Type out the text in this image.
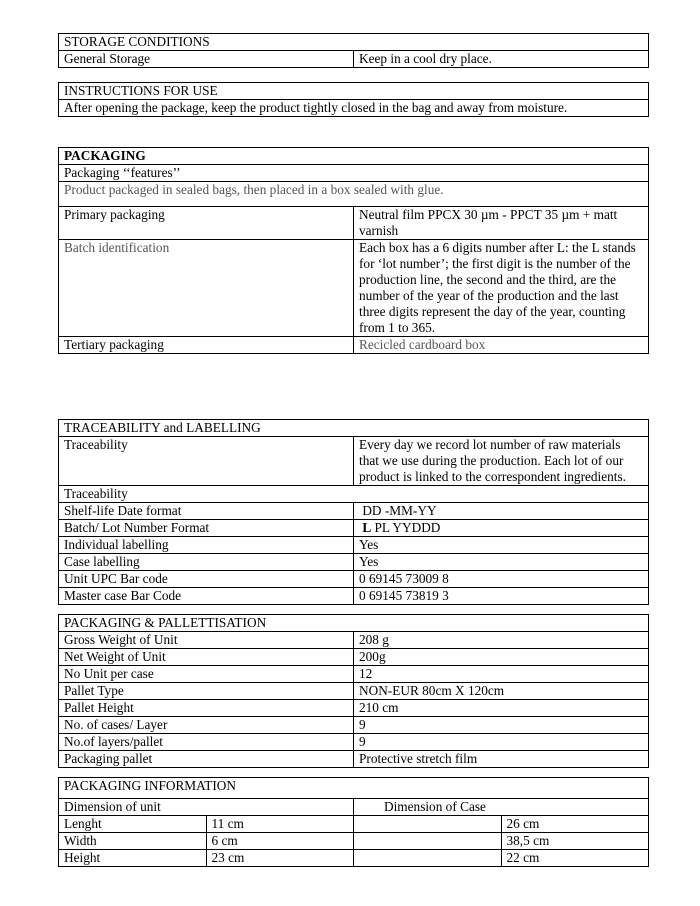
STORAGE CONDITIONS
General Storage	Keep in a cool dry place.
INSTRUCTIONS FOR USE
After opening the package, keep the product tightly closed in the bag and away from moisture.
PACKAGING	
Packaging ‘‘features’’	
Product packaged in sealed bags, then placed in a box sealed with glue.	
Primary packaging	Neutral film PPCX 30 µm - PPCT 35 µm + matt varnish
Batch identification	Each box has a 6 digits number after L: the L stands for ‘lot number’; the first digit is the number of the production line, the second and the third, are the number of the year of the production and the last three digits represent the day of the year, counting from 1 to 365.
Tertiary packaging	Recicled cardboard box
TRACEABILITY and LABELLING	
Traceability	Every day we record lot number of raw materials that we use during the production. Each lot of our product is linked to the correspondent ingredients.
Traceability	
Shelf-life Date format	DD -MM-YY
Batch/ Lot Number Format	L PL YYDDD
Individual labelling	Yes
Case labelling	Yes
Unit UPC Bar code	0 69145 73009 8
Master case Bar Code	0 69145 73819 3
PACKAGING & PALLETTISATION	
Gross Weight of Unit	208 g
Net Weight of Unit	200g
No Unit per case	12
Pallet Type	NON-EUR 80cm X 120cm
Pallet Height	210 cm
No. of cases/ Layer	9
No.of layers/pallet	9
Packaging pallet	Protective stretch film
PACKAGING INFORMATION			
Dimension of unit		Dimension of Case	
Lenght	11 cm		26 cm
Width	6 cm		38,5 cm
Height	23 cm		22 cm
